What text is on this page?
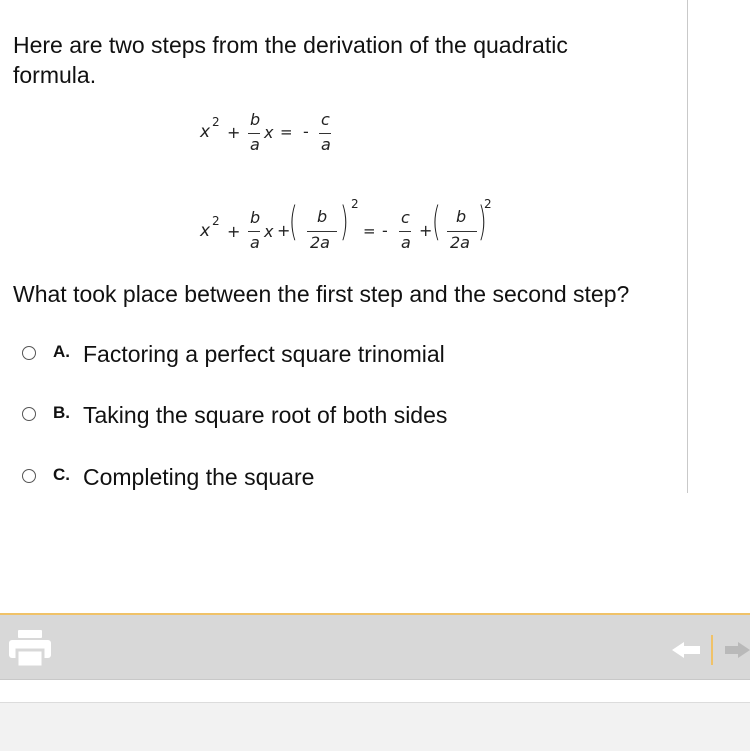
Here are two steps from the derivation of the quadratic formula.
x 2
+
b
a
x = -
c
a
x 2
+
b
a
x +
( b
2a ) 2
= -
c
a
+ ( b
2a )
2
What took place between the first step and the second step?
A. Factoring a perfect square trinomial
B. Taking the square root of both sides
C. Completing the square
